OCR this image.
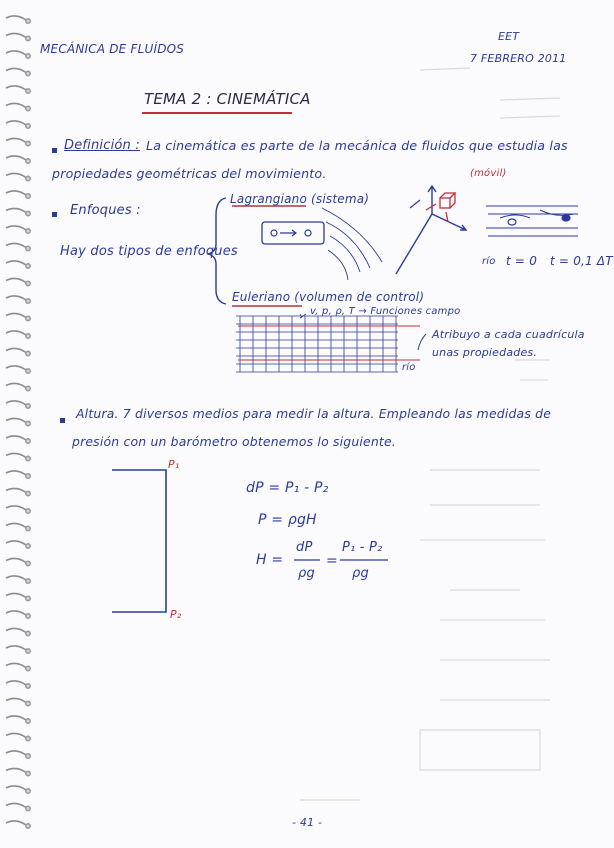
MECÁNICA DE FLUÍDOS
EET
7 FEBRERO 2011
TEMA 2 : CINEMÁTICA
Definición : La cinemática es parte de la mecánica de fluidos que estudia las
propiedades geométricas del movimiento.
Enfoques :
Hay dos tipos de enfoques
Lagrangiano (sistema)
Euleriano (volumen de control)
v, p, ρ, T → Funciones campo
Atribuyo a cada cuadrícula
unas propiedades.
(móvil)
río
río
t = 0 t = 0,1 ΔT
Altura. 7 diversos medios para medir la altura. Empleando las medidas de
presión con un barómetro obtenemos lo siguiente.
P₁
P₂
dP = P₁ - P₂
P = ρgH
H =
dP
ρg
=
P₁ - P₂
ρg
- 41 -
